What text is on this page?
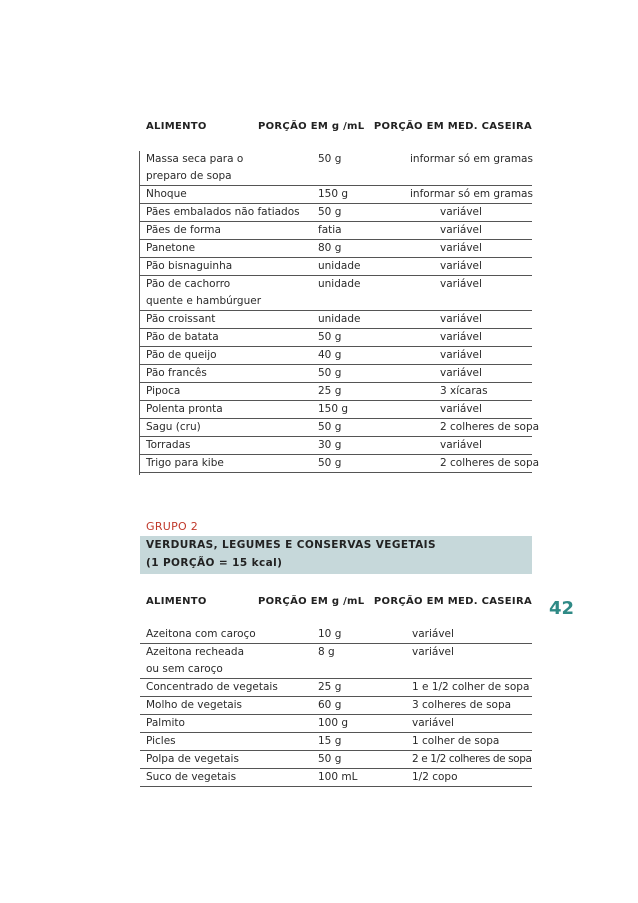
ALIMENTO	PORÇÃO EM g /mL PORÇÃO EM MED. CASEIRA
Massa seca para o
preparo de sopa
50 g	informar só em gramas
Nhoque	150 g	informar só em gramas
Pães embalados não fatiados	50 g	variável
Pães de forma	fatia	variável
Panetone	80 g	variável
Pão bisnaguinha	unidade	variável
Pão de cachorro
quente e hambúrguer
unidade	variável
Pão croissant	unidade	variável
Pão de batata	50 g	variável
Pão de queijo	40 g	variável
Pão francês	50 g	variável
Pipoca	25 g	3 xícaras
Polenta pronta	150 g	variável
Sagu (cru)	50 g	2 colheres de sopa
Torradas	30 g	variável
Trigo para kibe	50 g	2 colheres de sopa
GRUPO 2
VERDURAS, LEGUMES E CONSERVAS VEGETAIS
(1 PORÇÃO = 15 kcal)
ALIMENTO	PORÇÃO EM g /mL PORÇÃO EM MED. CASEIRA
Azeitona com caroço	10 g	variável
Azeitona recheada
ou sem caroço
8 g	variável
Concentrado de vegetais	25 g	1 e 1/2 colher de sopa
Molho de vegetais	60 g	3 colheres de sopa
Palmito	100 g	variável
Picles	15 g	1 colher de sopa
Polpa de vegetais	50 g	2 e 1/2 colheres de sopa
Suco de vegetais	100 mL	1/2 copo
42
